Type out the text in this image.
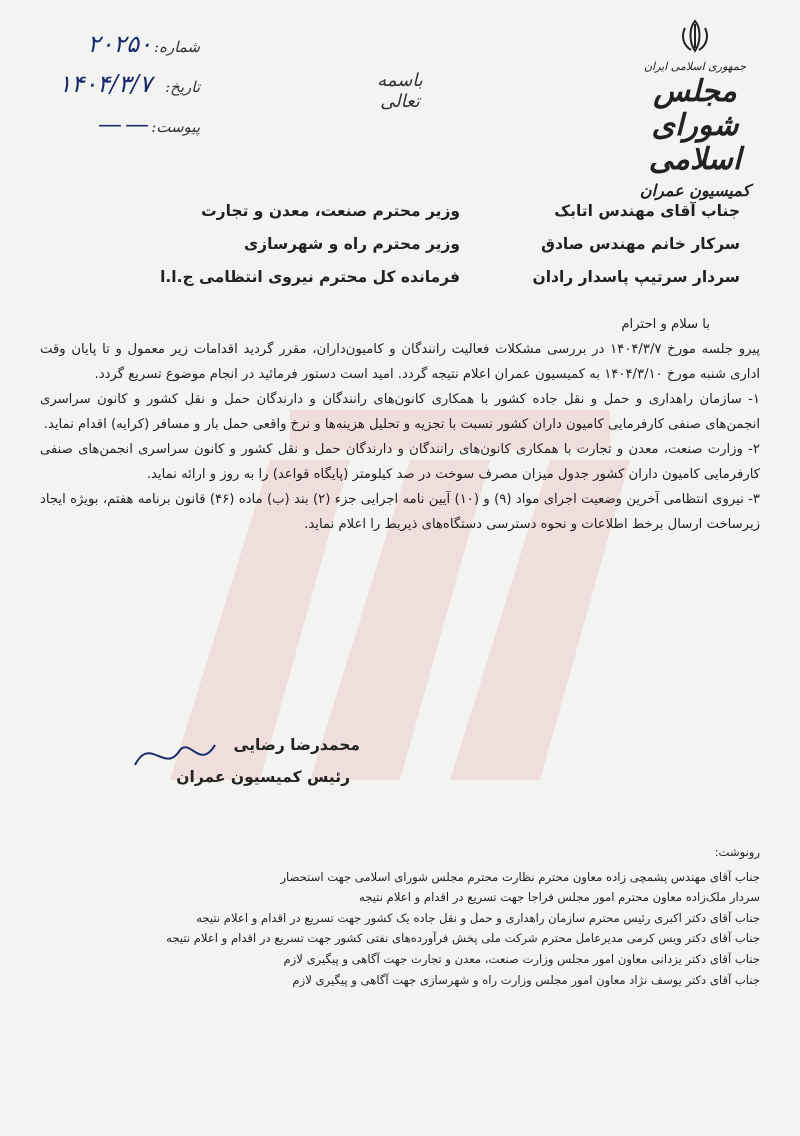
شماره:
۲۰۲۵۰
تاریخ:
۱۴۰۴/۳/۷
پیوست:
——
باسمه تعالی
جمهوری اسلامی ایران
مجلس شورای اسلامی
کمیسیون عمران
جناب آقای مهندس اتابک
سرکار خانم مهندس صادق
سردار سرتیپ پاسدار رادان
وزیر محترم صنعت، معدن و تجارت
وزیر محترم راه و شهرسازی
فرمانده کل محترم نیروی انتظامی ج.ا.ا
با سلام و احترام

پیرو جلسه مورخ ۱۴۰۴/۳/۷ در بررسی مشکلات فعالیت رانندگان و کامیون‌داران، مقرر گردید اقدامات زیر معمول و تا پایان وقت اداری شنبه مورخ ۱۴۰۴/۳/۱۰ به کمیسیون عمران اعلام نتیجه گردد. امید است دستور فرمائید در انجام موضوع تسریع گردد.

۱- سازمان راهداری و حمل و نقل جاده کشور با همکاری کانون‌های رانندگان و دارندگان حمل و نقل کشور و کانون سراسری انجمن‌های صنفی کارفرمایی کامیون داران کشور نسبت با تجزیه و تحلیل هزینه‌ها و نرخ واقعی حمل بار و مسافر (کرایه) اقدام نماید.

۲- وزارت صنعت، معدن و تجارت با همکاری کانون‌های رانندگان و دارندگان حمل و نقل کشور و کانون سراسری انجمن‌های صنفی کارفرمایی کامیون داران کشور جدول میزان مصرف سوخت در صد کیلومتر (پایگاه قواعد) را به روز و ارائه نماید.

۳- نیروی انتظامی آخرین وضعیت اجرای مواد (۹) و (۱۰) آیین نامه اجرایی جزء (۲) بند (ب) ماده (۴۶) قانون برنامه هفتم، بویژه ایجاد زیرساخت ارسال برخط اطلاعات و نحوه دسترسی دستگاه‌های ذیربط را اعلام نماید.

محمدرضا رضایی
رئیس کمیسیون عمران
رونوشت:
جناب آقای مهندس پشمچی زاده معاون محترم نظارت محترم مجلس شورای اسلامی جهت استحضار
سردار ملک‌زاده معاون محترم امور مجلس فراجا جهت تسریع در اقدام و اعلام نتیجه
جناب آقای دکتر اکبری رئیس محترم سازمان راهداری و حمل و نقل جاده یک کشور جهت تسریع در اقدام و اعلام نتیجه
جناب آقای دکتر ویس کرمی مدیرعامل محترم شرکت ملی پخش فرآورده‌های نفتی کشور جهت تسریع در اقدام و اعلام نتیجه
جناب آقای دکتر یزدانی معاون امور مجلس وزارت صنعت، معدن و تجارت جهت آگاهی و پیگیری لازم
جناب آقای دکتر یوسف نژاد معاون امور مجلس وزارت راه و شهرسازی جهت آگاهی و پیگیری لازم
